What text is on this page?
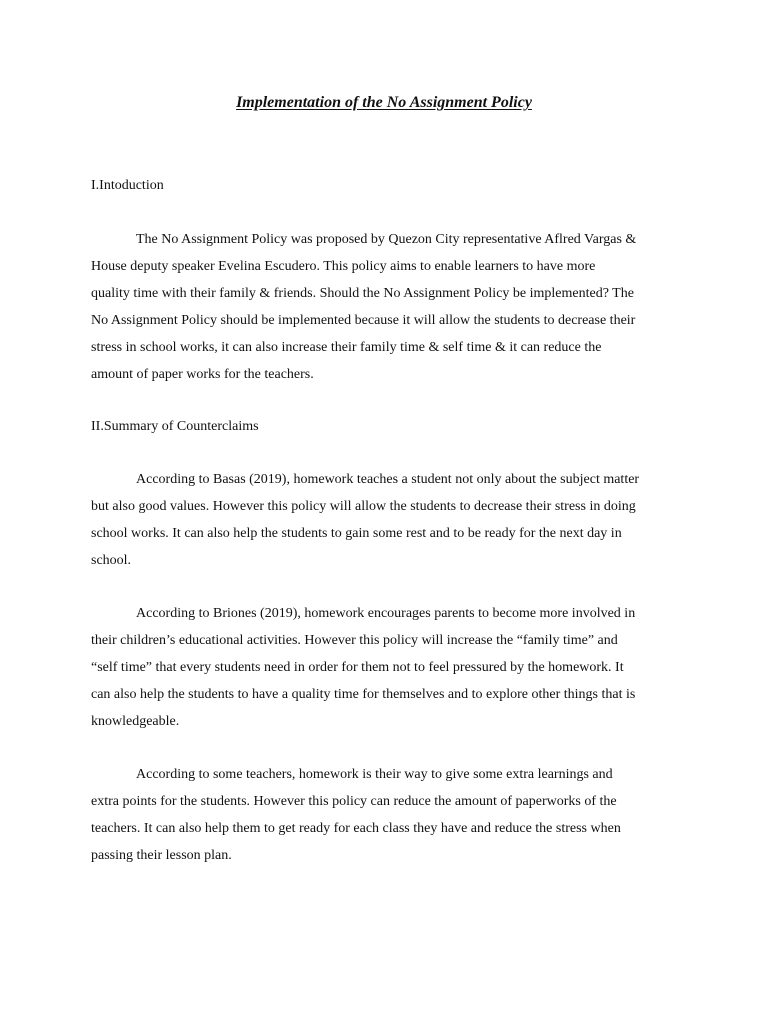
Implementation of the No Assignment Policy
I.Intoduction
The No Assignment Policy was proposed by Quezon City representative Aflred Vargas &
House deputy speaker Evelina Escudero. This policy aims to enable learners to have more
quality time with their family & friends. Should the No Assignment Policy be implemented? The
No Assignment Policy should be implemented because it will allow the students to decrease their
stress in school works, it can also increase their family time & self time & it can reduce the
amount of paper works for the teachers.
II.Summary of Counterclaims
According to Basas (2019), homework teaches a student not only about the subject matter
but also good values. However this policy will allow the students to decrease their stress in doing
school works. It can also help the students to gain some rest and to be ready for the next day in
school.
According to Briones (2019), homework encourages parents to become more involved in
their children’s educational activities. However this policy will increase the “family time” and
“self time” that every students need in order for them not to feel pressured by the homework. It
can also help the students to have a quality time for themselves and to explore other things that is
knowledgeable.
According to some teachers, homework is their way to give some extra learnings and
extra points for the students. However this policy can reduce the amount of paperworks of the
teachers. It can also help them to get ready for each class they have and reduce the stress when
passing their lesson plan.
